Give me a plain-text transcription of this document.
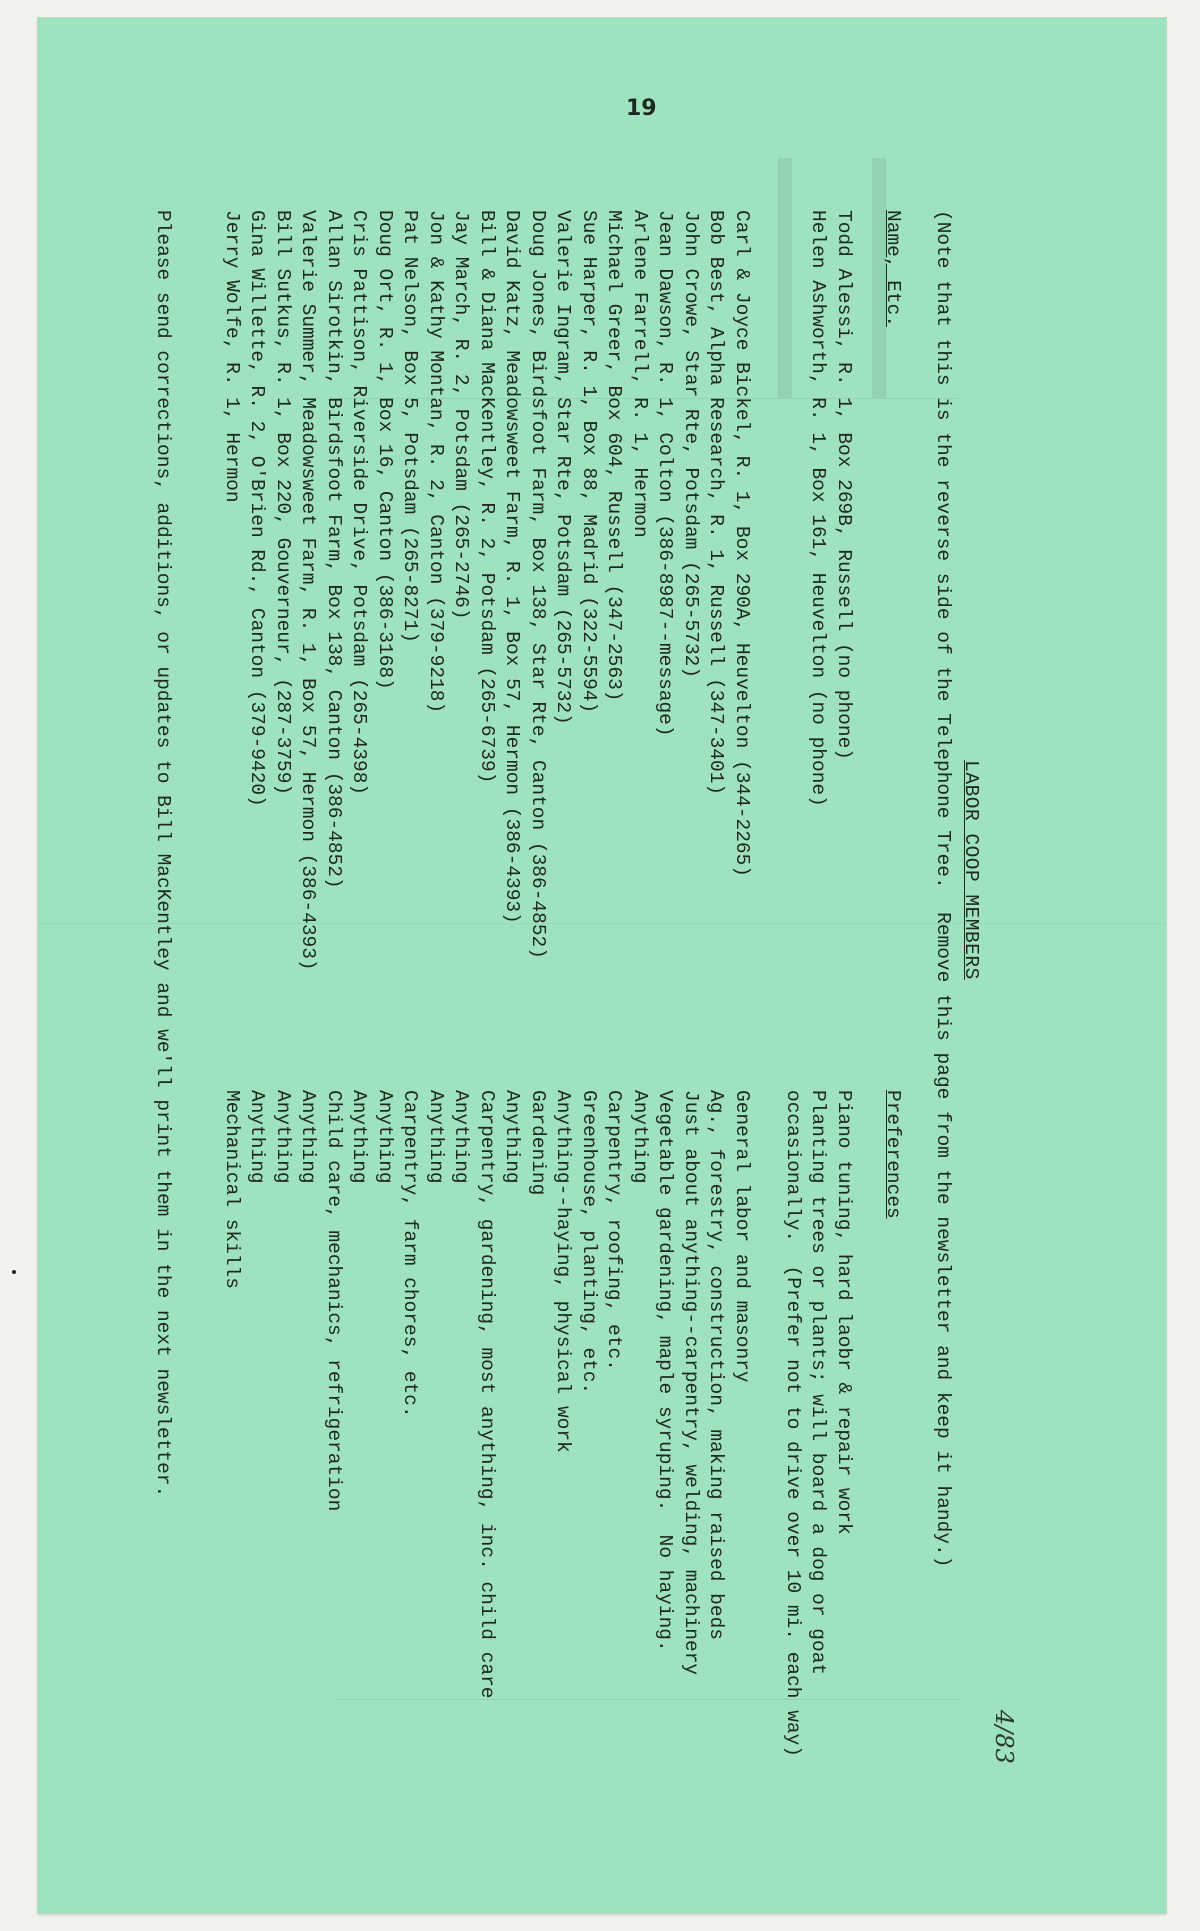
19
LABOR COOP MEMBERS
(Note that this is the reverse side of the Telephone Tree.  Remove this page from the newsletter and keep it handy.)
Name, Etc.
Preferences
Todd Alessi, R. 1, Box 269B, Russell (no phone)
Piano tuning, hard laobr & repair work
Helen Ashworth, R. 1, Box 161, Heuvelton (no phone)
Planting trees or plants; will board a dog or goat
occasionally.  (Prefer not to drive over 10 mi. each way)
Carl & Joyce Bickel, R. 1, Box 290A, Heuvelton (344-2265)
General labor and masonry
Bob Best, Alpha Research, R. 1, Russell (347-3401)
Ag., forestry, construction, making raised beds
John Crowe, Star Rte, Potsdam (265-5732)
Just about anything--carpentry, welding, machinery
Jean Dawson, R. 1, Colton (386-8987--message)
Vegetable gardening, maple syruping.  No haying.
Arlene Farrell, R. 1, Hermon
Anything
Michael Greer, Box 604, Russell (347-2563)
Carpentry, roofing, etc.
Sue Harper, R. 1, Box 88, Madrid (322-5594)
Greenhouse, planting, etc.
Valerie Ingram, Star Rte, Potsdam (265-5732)
Anything--haying, physical work
Doug Jones, Birdsfoot Farm, Box 138, Star Rte, Canton (386-4852)
Gardening
David Katz, Meadowsweet Farm, R. 1, Box 57, Hermon (386-4393)
Anything
Bill & Diana MacKentley, R. 2, Potsdam (265-6739)
Carpentry, gardening, most anything, inc. child care
Jay March, R. 2, Potsdam (265-2746)
Anything
Jon & Kathy Montan, R. 2, Canton (379-9218)
Anything
Pat Nelson, Box 5, Potsdam (265-8271)
Carpentry, farm chores, etc.
Doug Ort, R. 1, Box 16, Canton (386-3168)
Anything
Cris Pattison, Riverside Drive, Potsdam (265-4398)
Anything
Allan Sirotkin, Birdsfoot Farm, Box 138, Canton (386-4852)
Child care, mechanics, refrigeration
Valerie Summer, Meadowsweet Farm, R. 1, Box 57, Hermon (386-4393)
Anything
Bill Sutkus, R. 1, Box 220, Gouverneur, (287-3759)
Anything
Gina Willette, R. 2, O'Brien Rd., Canton (379-9420)
Anything
Jerry Wolfe, R. 1, Hermon
Mechanical skills
Please send corrections, additions, or updates to Bill MacKentley and we'll print them in the next newsletter.
4/83
